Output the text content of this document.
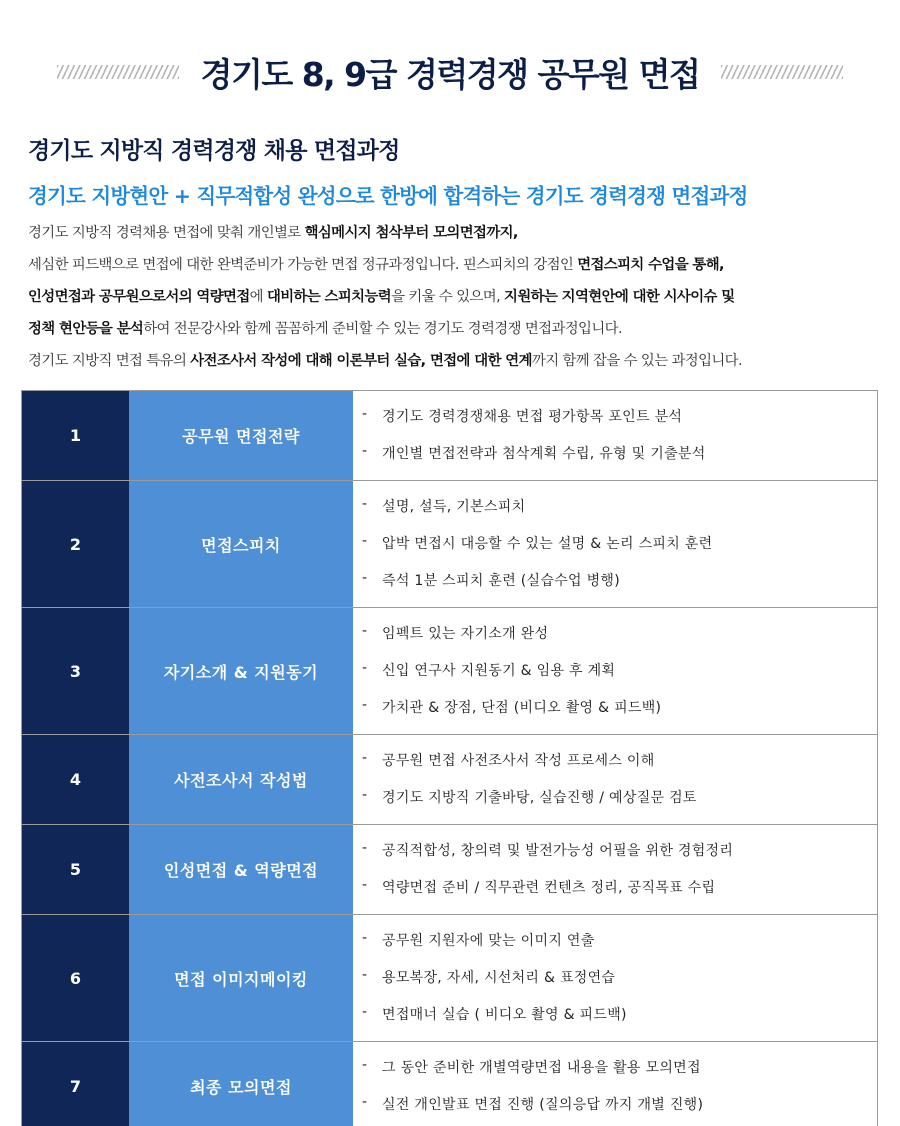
경기도 8, 9급 경력경쟁 공무원 면접
경기도 지방직 경력경쟁 채용 면접과정
경기도 지방현안 + 직무적합성 완성으로 한방에 합격하는 경기도 경력경쟁 면접과정

경기도 지방직 경력채용 면접에 맞춰 개인별로 핵심메시지 첨삭부터 모의면접까지,

세심한 피드백으로 면접에 대한 완벽준비가 가능한 면접 정규과정입니다. 핀스피치의 강점인 면접스피치 수업을 통해,

인성면접과 공무원으로서의 역량면접에 대비하는 스피치능력을 키울 수 있으며, 지원하는 지역현안에 대한 시사이슈 및

정책 현안등을 분석하여 전문강사와 함께 꼼꼼하게 준비할 수 있는 경기도 경력경쟁 면접과정입니다.

경기도 지방직 면접 특유의 사전조사서 작성에 대해 이론부터 실습, 면접에 대한 연계까지 함께 잡을 수 있는 과정입니다.

1	공무원 면접전략
-	경기도 경력경쟁채용 면접 평가항목 포인트 분석
-	개인별 면접전략과 첨삭계획 수립, 유형 및 기출분석
2	면접스피치
-	설명, 설득, 기본스피치
-	압박 면접시 대응할 수 있는 설명 & 논리 스피치 훈련
-	즉석 1분 스피치 훈련 (실습수업 병행)
3	자기소개 & 지원동기
-	임펙트 있는 자기소개 완성
-	신입 연구사 지원동기 & 임용 후 계획
-	가치관 & 장점, 단점 (비디오 촬영 & 피드백)
4	사전조사서 작성법
-	공무원 면접 사전조사서 작성 프로세스 이해
-	경기도 지방직 기출바탕, 실습진행 / 예상질문 검토
5	인성면접 & 역량면접
-	공직적합성, 창의력 및 발전가능성 어필을 위한 경험정리
-	역량면접 준비 / 직무관련 컨텐츠 정리, 공직목표 수립
6	면접 이미지메이킹
-	공무원 지원자에 맞는 이미지 연출
-	용모복장, 자세, 시선처리 & 표정연습
-	면접매너 실습 ( 비디오 촬영 & 피드백)
7	최종 모의면접
-	그 동안 준비한 개별역량면접 내용을 활용 모의면접
-	실전 개인발표 면접 진행 (질의응답 까지 개별 진행)
